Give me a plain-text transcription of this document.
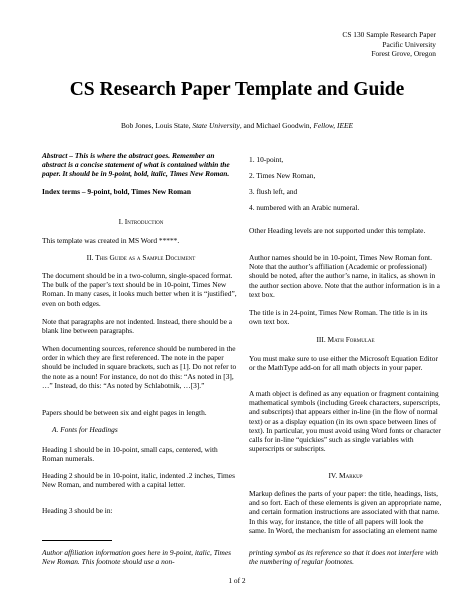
CS 130 Sample Research Paper
Pacific University
Forest Grove, Oregon
CS Research Paper Template and Guide
Bob Jones, Louis State, State University, and Michael Goodwin, Fellow, IEEE
Abstract – This is where the abstract goes. Remember an abstract is a concise statement of what is contained within the paper. It should be in 9-point, bold, italic, Times New Roman.
Index terms – 9-point, bold, Times New Roman
I. Introduction
This template was created in MS Word *****.
II. This Guide as a Sample Document
The document should be in a two-column, single-spaced format. The bulk of the paper’s text should be in 10-point, Times New Roman. In many cases, it looks much better when it is “justified”, even on both edges.
Note that paragraphs are not indented. Instead, there should be a blank line between paragraphs.
When documenting sources, reference should be numbered in the order in which they are first referenced. The note in the paper should be included in square brackets, such as [1]. Do not refer to the note as a noun! For instance, do not do this: “As noted in [3], …” Instead, do this: “As noted by Schlabotnik, …[3].”
Papers should be between six and eight pages in length.
A. Fonts for Headings
Heading 1 should be in 10-point, small caps, centered, with Roman numerals.
Heading 2 should be in 10-point, italic, indented .2 inches, Times New Roman, and numbered with a capital letter.
Heading 3 should be in:
1. 10-point,
2. Times New Roman,
3. flush left, and
4. numbered with an Arabic numeral.
Other Heading levels are not supported under this template.
Author names should be in 10-point, Times New Roman font. Note that the author’s affiliation (Academic or professional) should be noted, after the author’s name, in italics, as shown in the author section above. Note that the author information is in a text box.
The title is in 24-point, Times New Roman. The title is in its own text box.
III. Math Formulae
You must make sure to use either the Microsoft Equation Editor or the MathType add-on for all math objects in your paper.
A math object is defined as any equation or fragment containing mathematical symbols (including Greek characters, superscripts, and subscripts) that appears either in-line (in the flow of normal text) or as a display equation (in its own space between lines of text). In particular, you must avoid using Word fonts or character calls for in-line “quickies” such as single variables with superscripts or subscripts.
IV. Markup
Markup defines the parts of your paper: the title, headings, lists, and so fort. Each of these elements is given an appropriate name, and certain formation instructions are associated with that name. In this way, for instance, the title of all papers will look the same. In Word, the mechanism for associating an element name
Author affiliation information goes here in 9-point, italic, Times New Roman. This footnote should use a non-
printing symbol as its reference so that it does not interfere with the numbering of regular footnotes.
1 of 2
